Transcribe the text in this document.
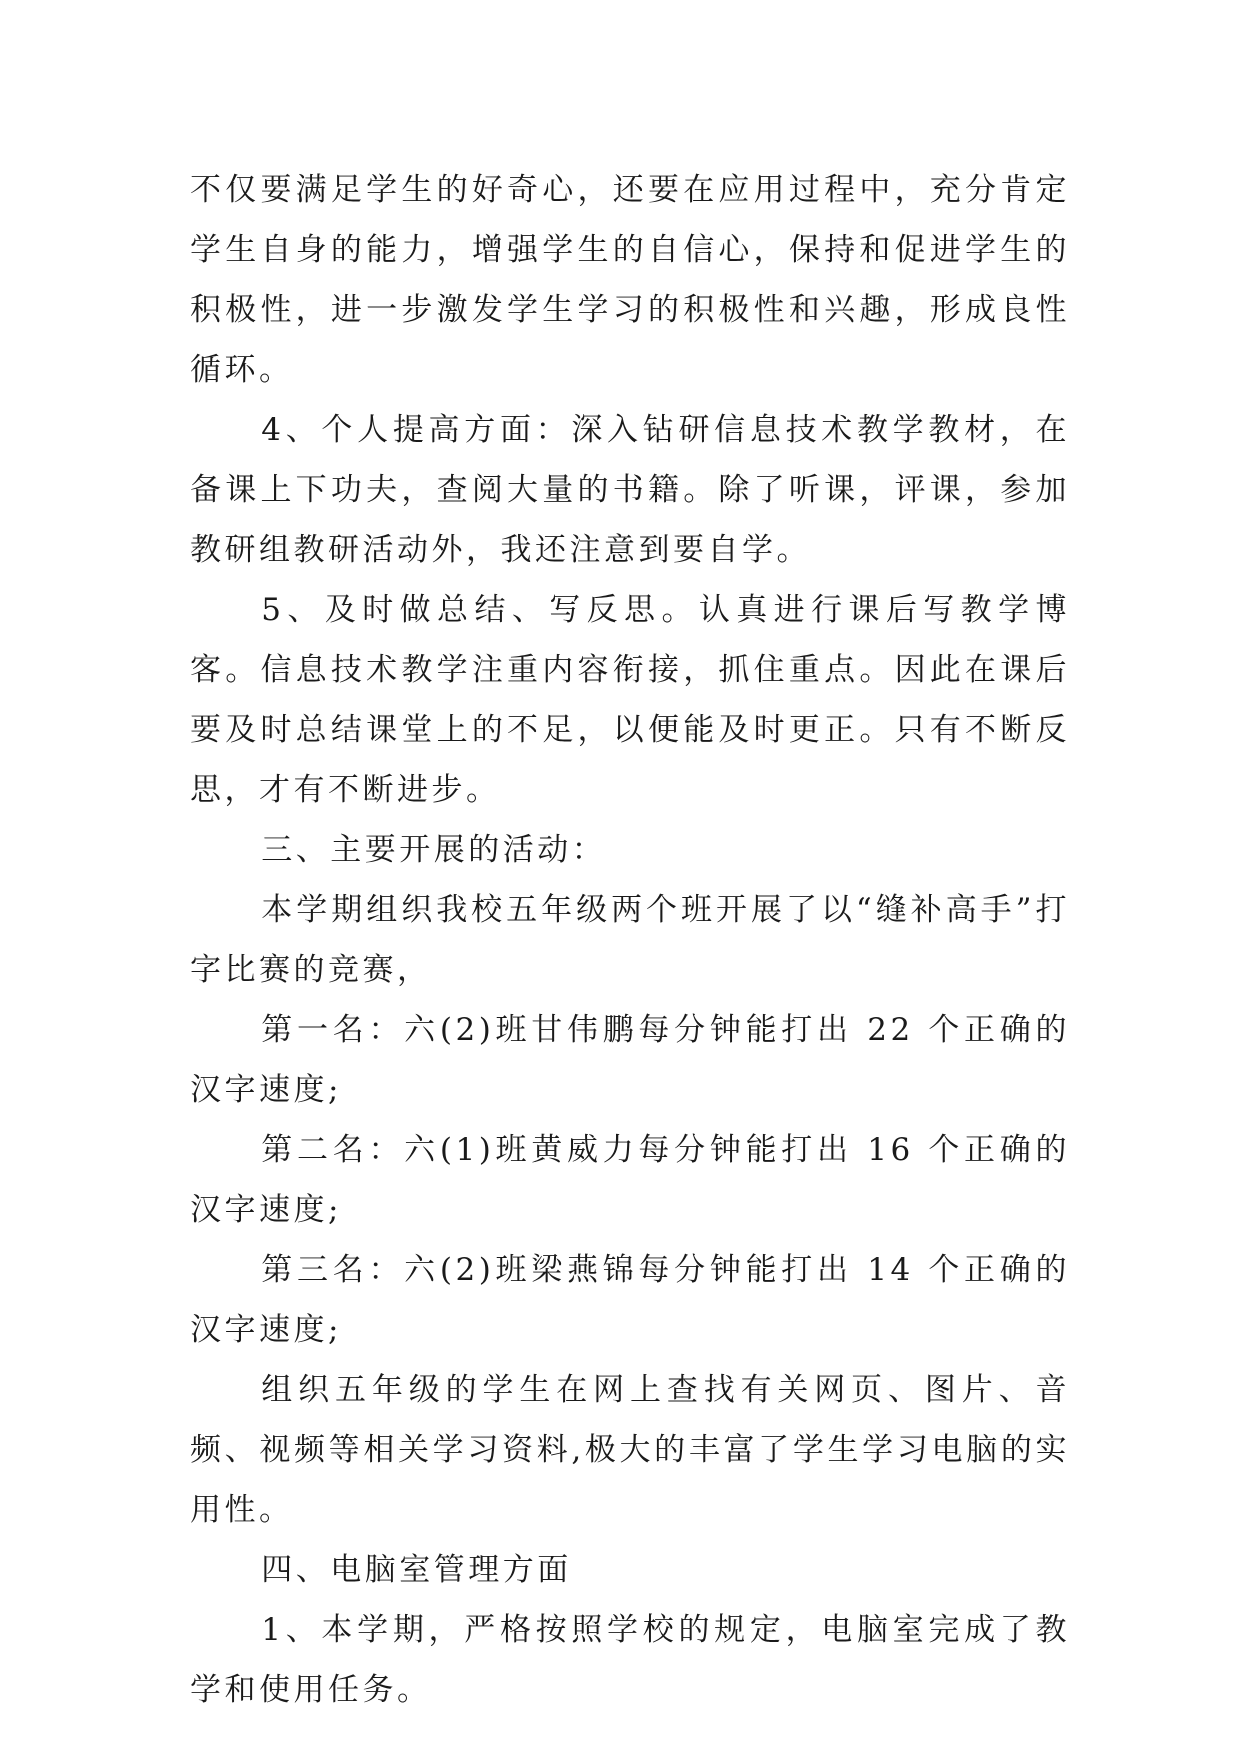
不仅要满足学生的好奇心，还要在应用过程中，充分肯定学生自身的能力，增强学生的自信心，保持和促进学生的积极性，进一步激发学生学习的积极性和兴趣，形成良性循环。

4、个人提高方面：深入钻研信息技术教学教材，在备课上下功夫，查阅大量的书籍。除了听课，评课，参加教研组教研活动外，我还注意到要自学。

5、及时做总结、写反思。认真进行课后写教学博客。信息技术教学注重内容衔接，抓住重点。因此在课后要及时总结课堂上的不足，以便能及时更正。只有不断反思，才有不断进步。

三、主要开展的活动：

本学期组织我校五年级两个班开展了以“缝补高手”打字比赛的竞赛，

第一名：六(2)班甘伟鹏每分钟能打出 22 个正确的汉字速度;

第二名：六(1)班黄威力每分钟能打出 16 个正确的汉字速度;

第三名：六(2)班梁燕锦每分钟能打出 14 个正确的汉字速度;

组织五年级的学生在网上查找有关网页、图片、音频、视频等相关学习资料,极大的丰富了学生学习电脑的实用性。

四、电脑室管理方面

1、本学期，严格按照学校的规定，电脑室完成了教学和使用任务。
